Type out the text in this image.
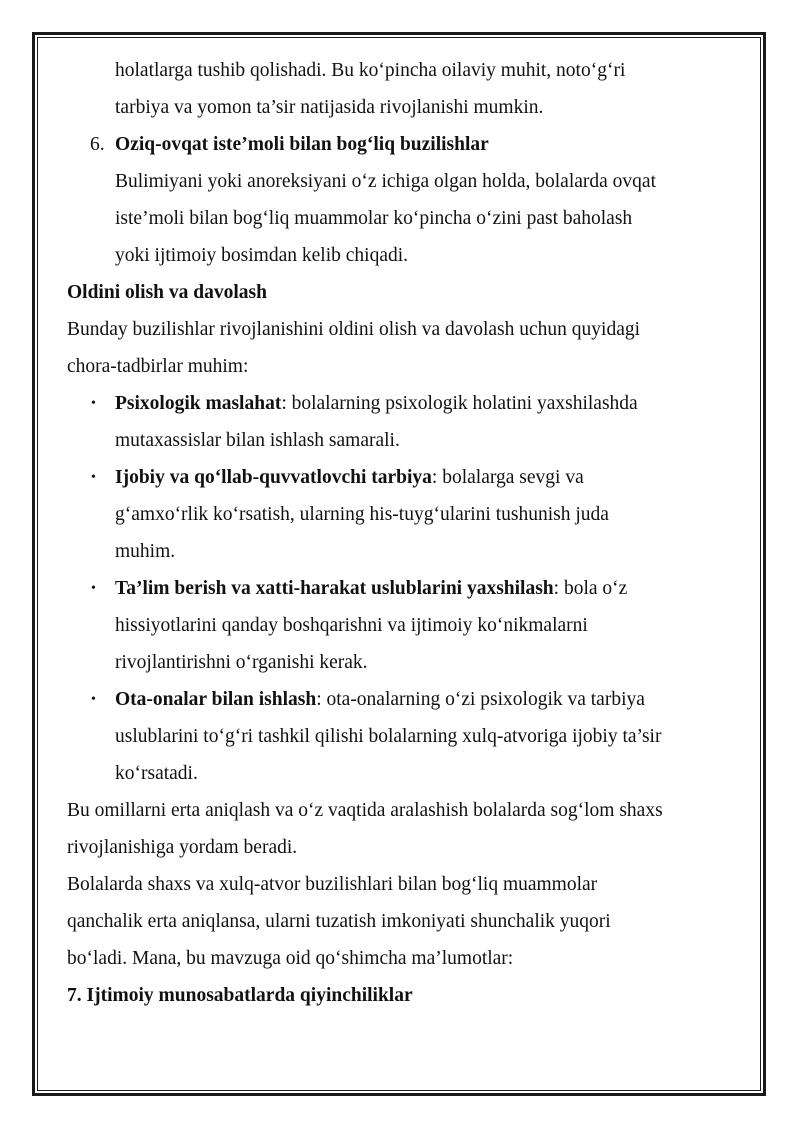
holatlarga tushib qolishadi. Bu ko‘pincha oilaviy muhit, noto‘g‘ri
tarbiya va yomon ta’sir natijasida rivojlanishi mumkin.
6. Oziq-ovqat iste’moli bilan bog‘liq buzilishlar
Bulimiyani yoki anoreksiyani o‘z ichiga olgan holda, bolalarda ovqat
iste’moli bilan bog‘liq muammolar ko‘pincha o‘zini past baholash
yoki ijtimoiy bosimdan kelib chiqadi.
Oldini olish va davolash
Bunday buzilishlar rivojlanishini oldini olish va davolash uchun quyidagi
chora-tadbirlar muhim:
• Psixologik maslahat: bolalarning psixologik holatini yaxshilashda
mutaxassislar bilan ishlash samarali.
• Ijobiy va qo‘llab-quvvatlovchi tarbiya: bolalarga sevgi va
g‘amxo‘rlik ko‘rsatish, ularning his-tuyg‘ularini tushunish juda
muhim.
• Ta’lim berish va xatti-harakat uslublarini yaxshilash: bola o‘z
hissiyotlarini qanday boshqarishni va ijtimoiy ko‘nikmalarni
rivojlantirishni o‘rganishi kerak.
• Ota-onalar bilan ishlash: ota-onalarning o‘zi psixologik va tarbiya
uslublarini to‘g‘ri tashkil qilishi bolalarning xulq-atvoriga ijobiy ta’sir
ko‘rsatadi.
Bu omillarni erta aniqlash va o‘z vaqtida aralashish bolalarda sog‘lom shaxs
rivojlanishiga yordam beradi.
Bolalarda shaxs va xulq-atvor buzilishlari bilan bog‘liq muammolar
qanchalik erta aniqlansa, ularni tuzatish imkoniyati shunchalik yuqori
bo‘ladi. Mana, bu mavzuga oid qo‘shimcha ma’lumotlar:
7. Ijtimoiy munosabatlarda qiyinchiliklar
